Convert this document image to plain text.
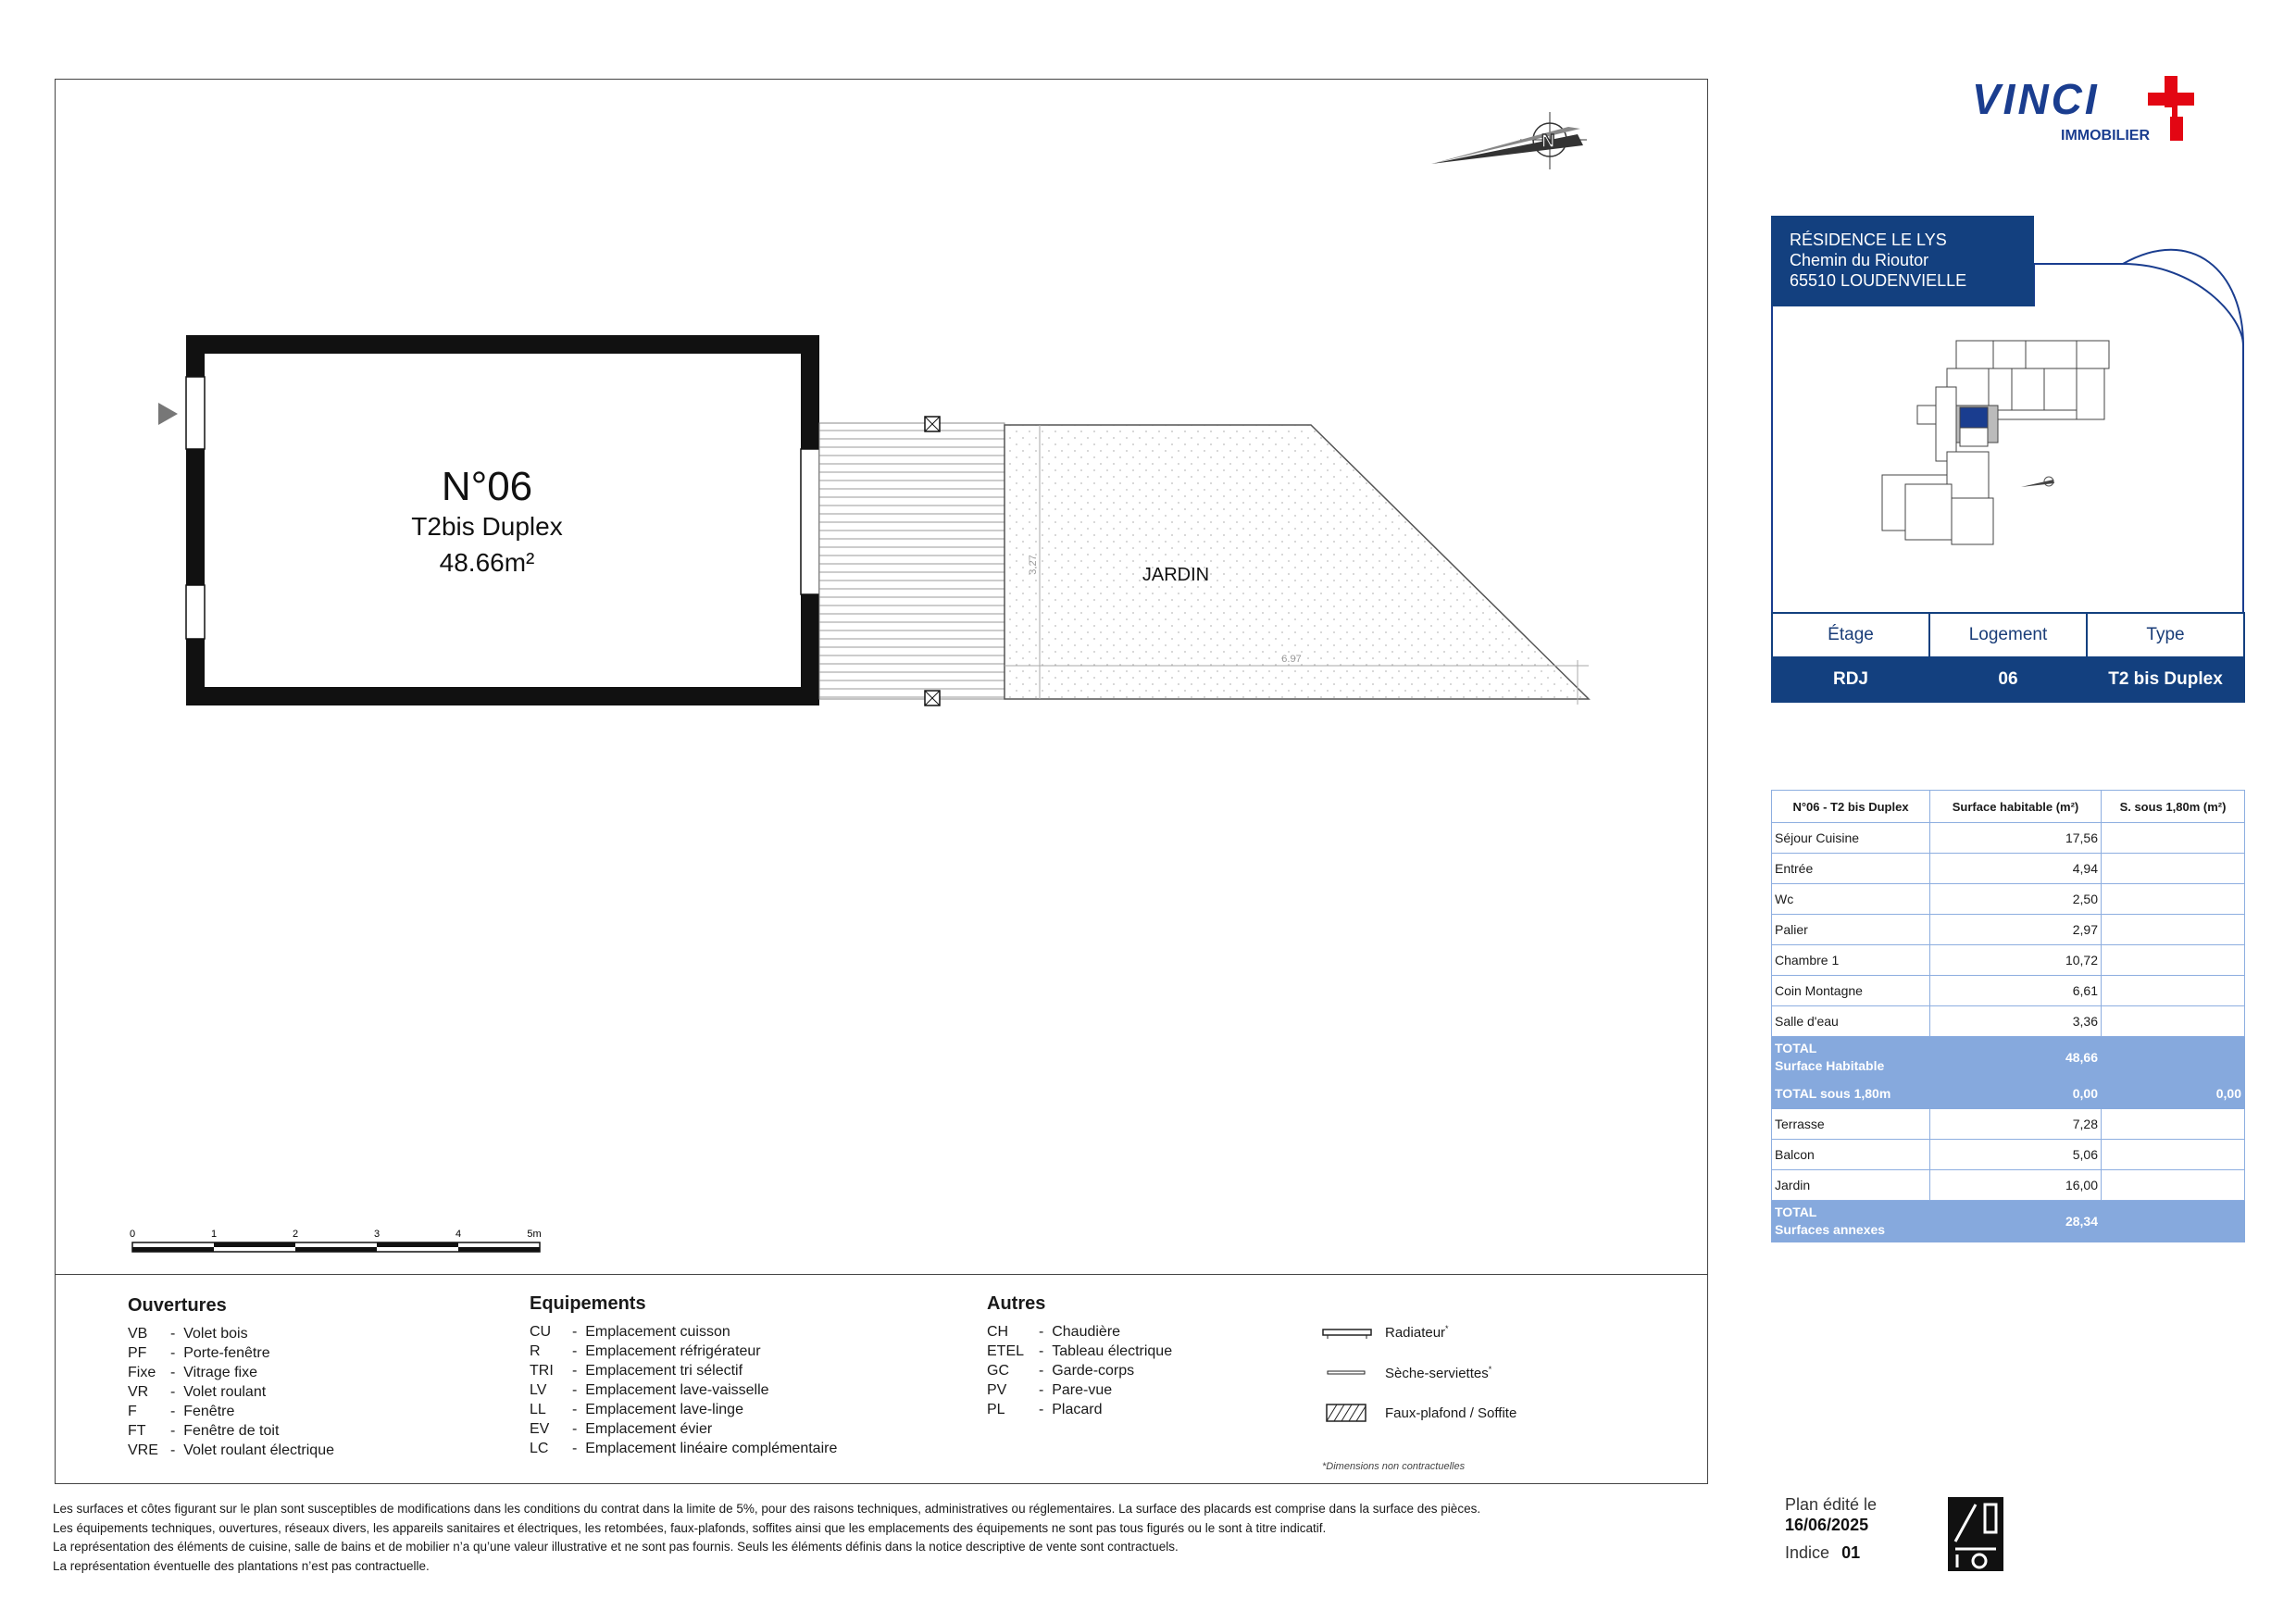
N
N°06
T2bis Duplex
48.66m²	JARDIN
3.27
6.97
0	1	2	3	4	5m
Ouvertures
VB -  Volet bois
PF -  Porte-fenêtre
Fixe -  Vitrage fixe
VR -  Volet roulant
F -  Fenêtre
FT -  Fenêtre de toit
VRE -  Volet roulant électrique
Equipements
CU -  Emplacement cuisson
R -  Emplacement réfrigérateur
TRI -  Emplacement tri sélectif
LV -  Emplacement lave-vaisselle
LL -  Emplacement lave-linge
EV -  Emplacement évier
LC -  Emplacement linéaire complémentaire
Autres
CH -  Chaudière
ETEL -  Tableau électrique
GC -  Garde-corps
PV -  Pare-vue
PL -  Placard
Radiateur*
Sèche-serviettes*
Faux-plafond / Soffite
*Dimensions non contractuelles
VINCI
IMMOBILIER
RÉSIDENCE LE LYS
Chemin du Rioutor
65510 LOUDENVIELLE
Étage	Logement	Type
RDJ	06	T2 bis Duplex
N°06 - T2 bis Duplex	Surface habitable (m²)	S. sous 1,80m (m²)
Séjour Cuisine	17,56	
Entrée	4,94	
Wc	2,50	
Palier	2,97	
Chambre 1	10,72	
Coin Montagne	6,61	
Salle d'eau	3,36	
TOTAL
Surface Habitable	48,66	
TOTAL sous 1,80m	0,00	0,00
Terrasse	7,28	
Balcon	5,06	
Jardin	16,00	
TOTAL
Surfaces annexes	28,34	
Les surfaces et côtes figurant sur le plan sont susceptibles de modifications dans les conditions du contrat dans la limite de 5%, pour des raisons techniques, administratives ou réglementaires. La surface des placards est comprise dans la surface des pièces.
Les équipements techniques, ouvertures, réseaux divers, les appareils sanitaires et électriques, les retombées, faux-plafonds, soffites ainsi que les emplacements des équipements ne sont pas tous figurés ou le sont à titre indicatif.
La représentation des éléments de cuisine, salle de bains et de mobilier n’a qu’une valeur illustrative et ne sont pas fournis. Seuls les éléments définis dans la notice descriptive de vente sont contractuels.
La représentation éventuelle des plantations n’est pas contractuelle.
Plan édité le
16/06/2025
Indice 01
